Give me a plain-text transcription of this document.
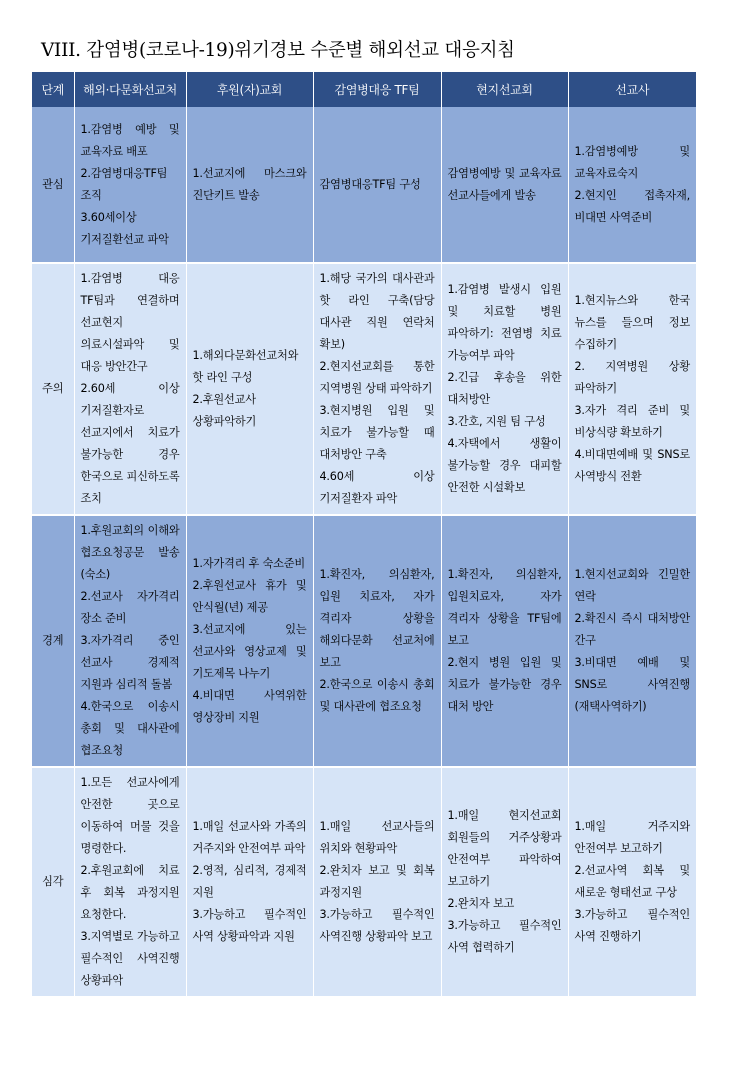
VIII. 감염병(코로나-19)위기경보 수준별 해외선교 대응지침
단계	해외·다문화선교처	후원(자)교회	감염병대응 TF팀	현지선교회	선교사
관심	1.감염병 예방 및 교육자료 배포
2.감염병대응TF팀 조직
3.60세이상 기저질환선교 파악	1.선교지에 마스크와 진단키트 발송	감염병대응TF팀 구성	감염병예방 및 교육자료 선교사들에게 발송	1.감염병예방 및 교육자료숙지
2.현지인 접촉자재, 비대면 사역준비
주의	1.감염병 대응 TF팀과 연결하며 선교현지 의료시설파악 및 대응 방안간구
2.60세 이상 기저질환자로 선교지에서 치료가 불가능한 경우 한국으로 피신하도록 조치	1.해외다문화선교처와 핫 라인 구성
2.후원선교사 상황파악하기	1.해당 국가의 대사관과 핫 라인 구축(담당 대사관 직원 연락처 확보)
2.현지선교회를 통한 지역병원 상태 파악하기
3.현지병원 입원 및 치료가 불가능할 때 대처방안 구축
4.60세 이상 기저질환자 파악	1.감염병 발생시 입원 및 치료할 병원 파악하기: 전염병 치료 가능여부 파악
2.긴급 후송을 위한 대처방안
3.간호, 지원 팀 구성
4.자택에서 생활이 불가능할 경우 대피할 안전한 시설확보	1.현지뉴스와 한국 뉴스를 들으며 정보 수집하기
2. 지역병원 상황 파악하기
3.자가 격리 준비 및 비상식량 확보하기
4.비대면예배 및 SNS로 사역방식 전환
경계	1.후원교회의 이해와 협조요청공문 발송(숙소)
2.선교사 자가격리 장소 준비
3.자가격리 중인 선교사 경제적 지원과 심리적 돌봄
4.한국으로 이송시 총회 및 대사관에 협조요청	1.자가격리 후 숙소준비
2.후원선교사 휴가 및 안식월(년) 제공
3.선교지에 있는 선교사와 영상교제 및 기도제목 나누기
4.비대면 사역위한 영상장비 지원	1.확진자, 의심환자, 입원 치료자, 자가 격리자 상황을 해외다문화 선교처에 보고
2.한국으로 이송시 총회 및 대사관에 협조요청	1.확진자, 의심환자, 입원치료자, 자가 격리자 상황을 TF팀에 보고
2.현지 병원 입원 및 치료가 불가능한 경우 대처 방안	1.현지선교회와 긴밀한 연락
2.확진시 즉시 대처방안 간구
3.비대면 예배 및 SNS로 사역진행(재택사역하기)
심각	1.모든 선교사에게 안전한 곳으로 이동하여 머물 것을 명령한다.
2.후원교회에 치료 후 회복 과정지원 요청한다.
3.지역별로 가능하고 필수적인 사역진행 상황파악	1.매일 선교사와 가족의 거주지와 안전여부 파악
2.영적, 심리적, 경제적 지원
3.가능하고 필수적인 사역 상황파악과 지원	1.매일 선교사들의 위치와 현황파악
2.완치자 보고 및 회복 과정지원
3.가능하고 필수적인 사역진행 상황파악 보고	1.매일 현지선교회 회원들의 거주상황과 안전여부 파악하여 보고하기
2.완치자 보고
3.가능하고 필수적인 사역 협력하기	1.매일 거주지와 안전여부 보고하기
2.선교사역 회복 및 새로운 형태선교 구상
3.가능하고 필수적인 사역 진행하기
